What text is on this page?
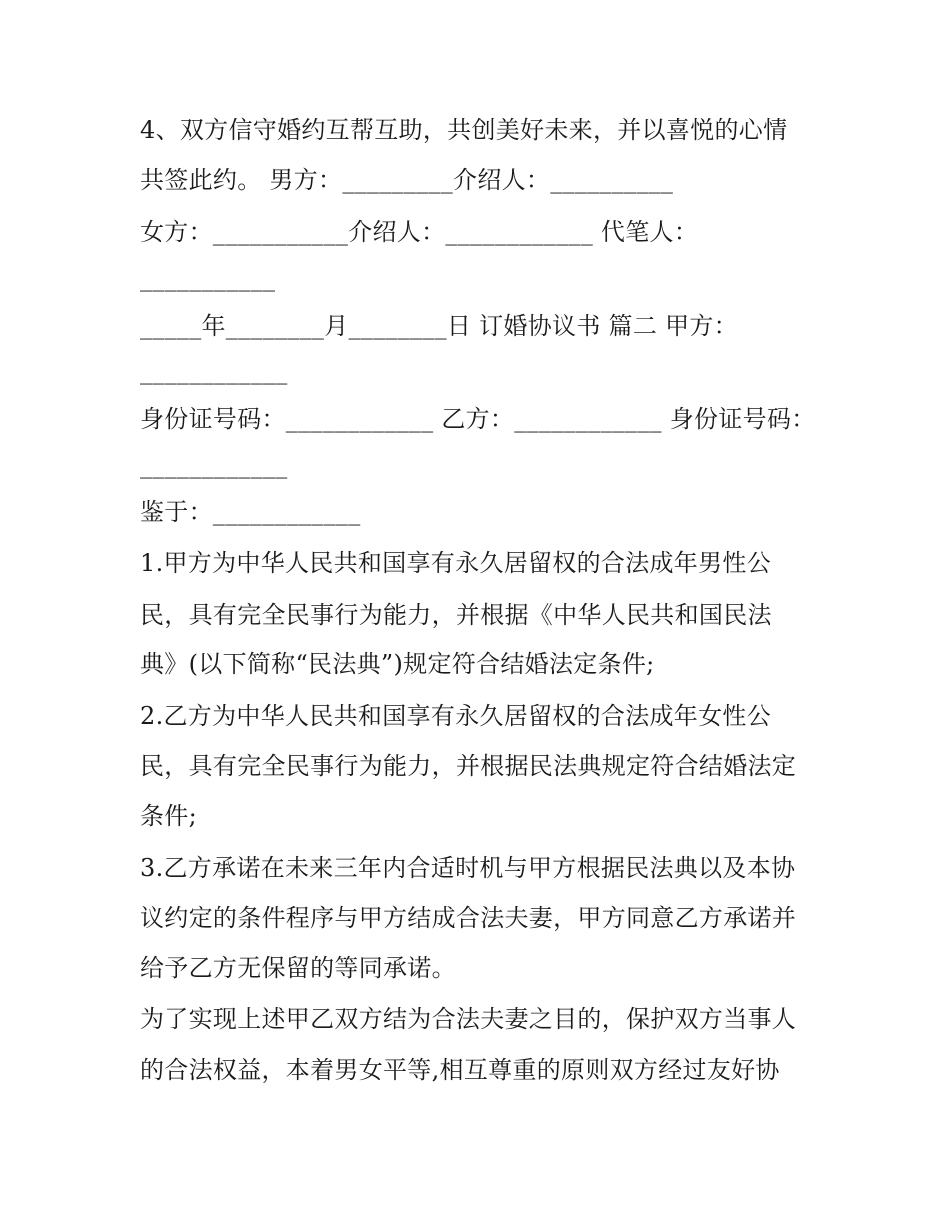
4、双方信守婚约互帮互助，共创美好未来，并以喜悦的心情
共签此约。 男方：_________介绍人：__________
女方：___________介绍人：____________ 代笔人：
___________
_____年________月________日 订婚协议书 篇二 甲方：
____________
身份证号码：____________ 乙方：____________ 身份证号码：
____________
鉴于：____________
1.甲方为中华人民共和国享有永久居留权的合法成年男性公
民，具有完全民事行为能力，并根据《中华人民共和国民法
典》(以下简称“民法典”)规定符合结婚法定条件;
2.乙方为中华人民共和国享有永久居留权的合法成年女性公
民，具有完全民事行为能力，并根据民法典规定符合结婚法定
条件;
3.乙方承诺在未来三年内合适时机与甲方根据民法典以及本协
议约定的条件程序与甲方结成合法夫妻，甲方同意乙方承诺并
给予乙方无保留的等同承诺。
为了实现上述甲乙双方结为合法夫妻之目的，保护双方当事人
的合法权益，本着男女平等,相互尊重的原则双方经过友好协
